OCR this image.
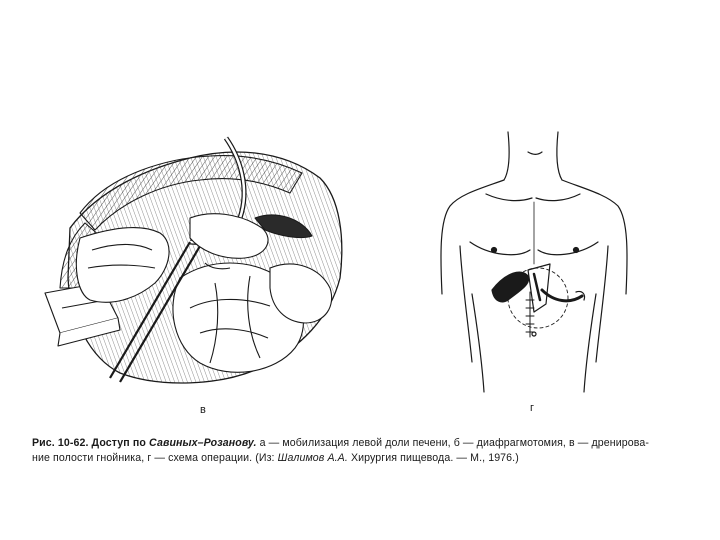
в	г
Рис. 10-62. Доступ по Савиных–Розанову. а — мобилизация левой доли печени, б — диафрагмотомия, в — дренирова-
ние полости гнойника, г — схема операции. (Из: Шалимов А.А. Хирургия пищевода. — М., 1976.)
